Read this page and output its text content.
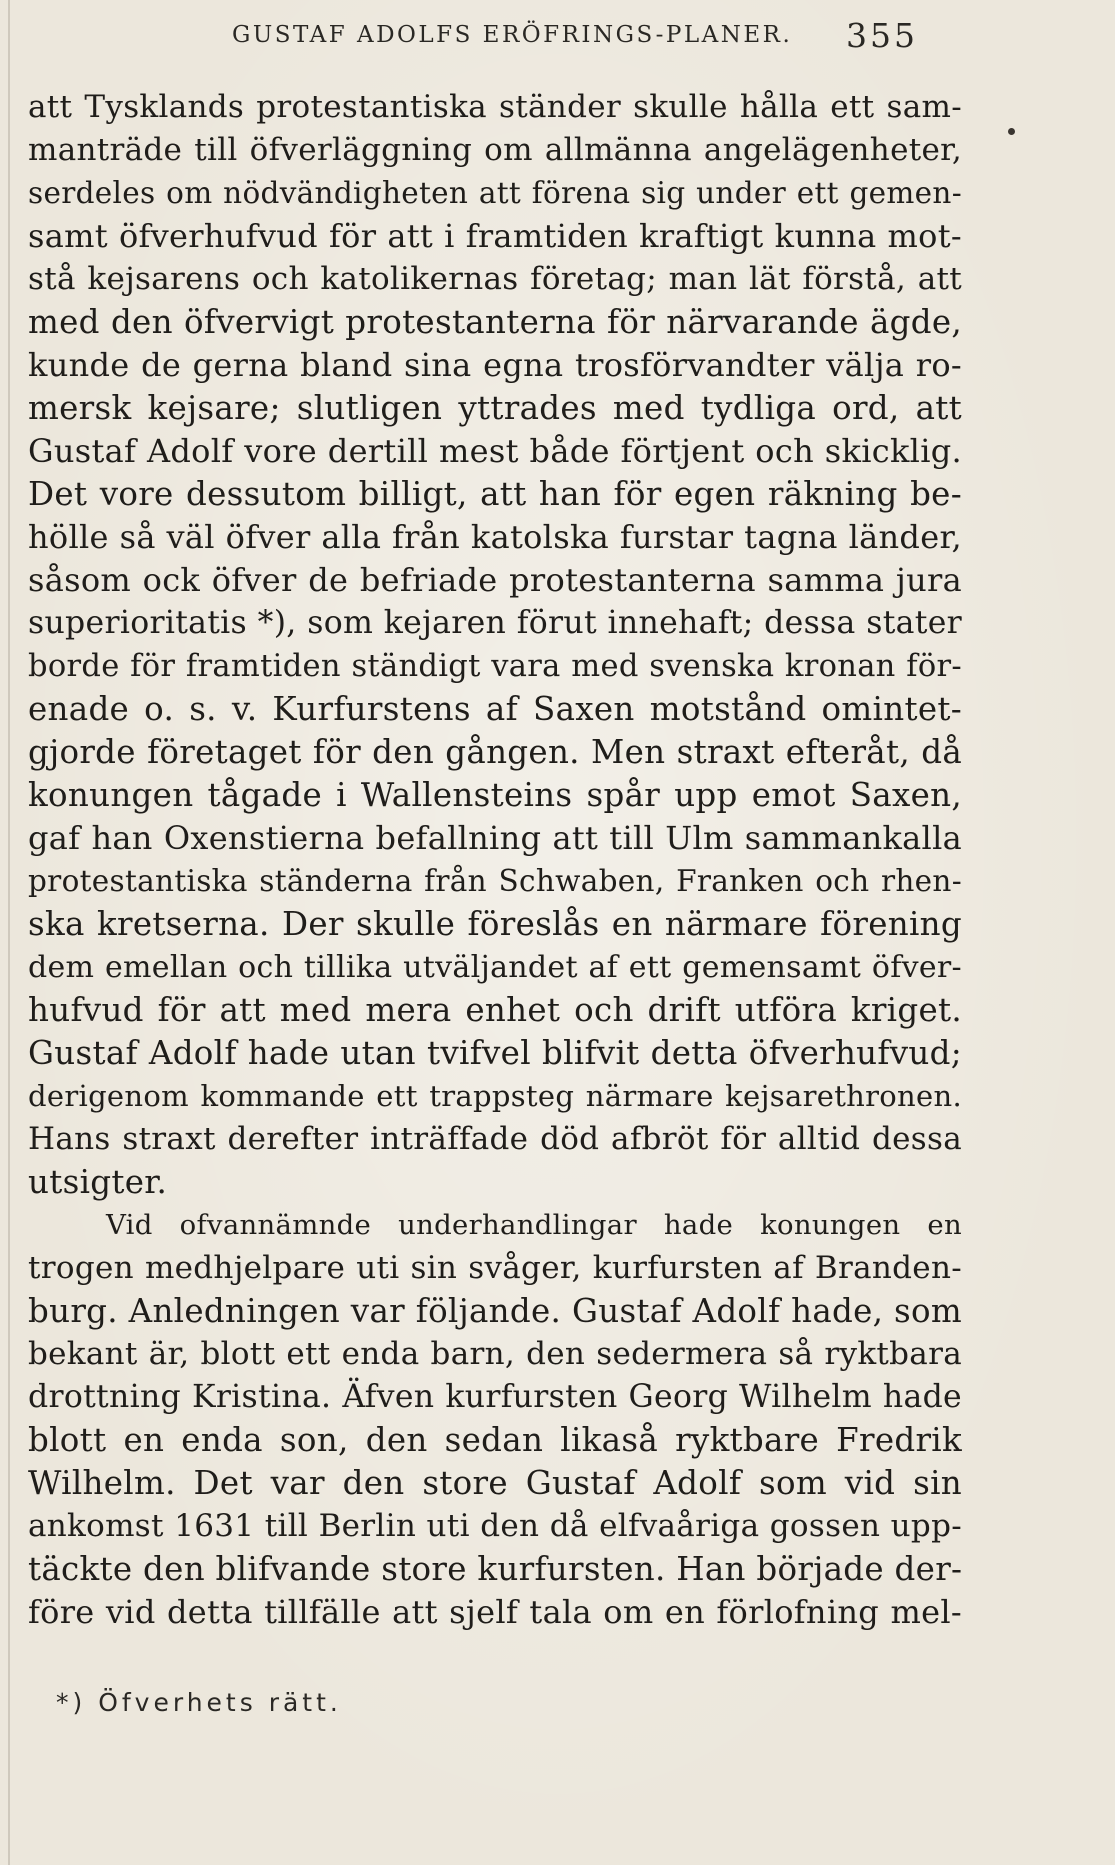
GUSTAF ADOLFS ERÖFRINGS-PLANER. 355
att Tysklands protestantiska ständer skulle hålla ett sam-
manträde till öfverläggning om allmänna angelägenheter,
serdeles om nödvändigheten att förena sig under ett gemen-
samt öfverhufvud för att i framtiden kraftigt kunna mot-
stå kejsarens och katolikernas företag; man lät förstå, att
med den öfvervigt protestanterna för närvarande ägde,
kunde de gerna bland sina egna trosförvandter välja ro-
mersk kejsare; slutligen yttrades med tydliga ord, att
Gustaf Adolf vore dertill mest både förtjent och skicklig.
Det vore dessutom billigt, att han för egen räkning be-
hölle så väl öfver alla från katolska furstar tagna länder,
såsom ock öfver de befriade protestanterna samma jura
superioritatis *), som kejaren förut innehaft; dessa stater
borde för framtiden ständigt vara med svenska kronan för-
enade o. s. v. Kurfurstens af Saxen motstånd omintet-
gjorde företaget för den gången. Men straxt efteråt, då
konungen tågade i Wallensteins spår upp emot Saxen,
gaf han Oxenstierna befallning att till Ulm sammankalla
protestantiska ständerna från Schwaben, Franken och rhen-
ska kretserna. Der skulle föreslås en närmare förening
dem emellan och tillika utväljandet af ett gemensamt öfver-
hufvud för att med mera enhet och drift utföra kriget.
Gustaf Adolf hade utan tvifvel blifvit detta öfverhufvud;
derigenom kommande ett trappsteg närmare kejsarethronen.
Hans straxt derefter inträffade död afbröt för alltid dessa
utsigter.
Vid ofvannämnde underhandlingar hade konungen en
trogen medhjelpare uti sin svåger, kurfursten af Branden-
burg. Anledningen var följande. Gustaf Adolf hade, som
bekant är, blott ett enda barn, den sedermera så ryktbara
drottning Kristina. Äfven kurfursten Georg Wilhelm hade
blott en enda son, den sedan likaså ryktbare Fredrik
Wilhelm. Det var den store Gustaf Adolf som vid sin
ankomst 1631 till Berlin uti den då elfvaåriga gossen upp-
täckte den blifvande store kurfursten. Han började der-
före vid detta tillfälle att sjelf tala om en förlofning mel-
*) Öfverhets rätt.
